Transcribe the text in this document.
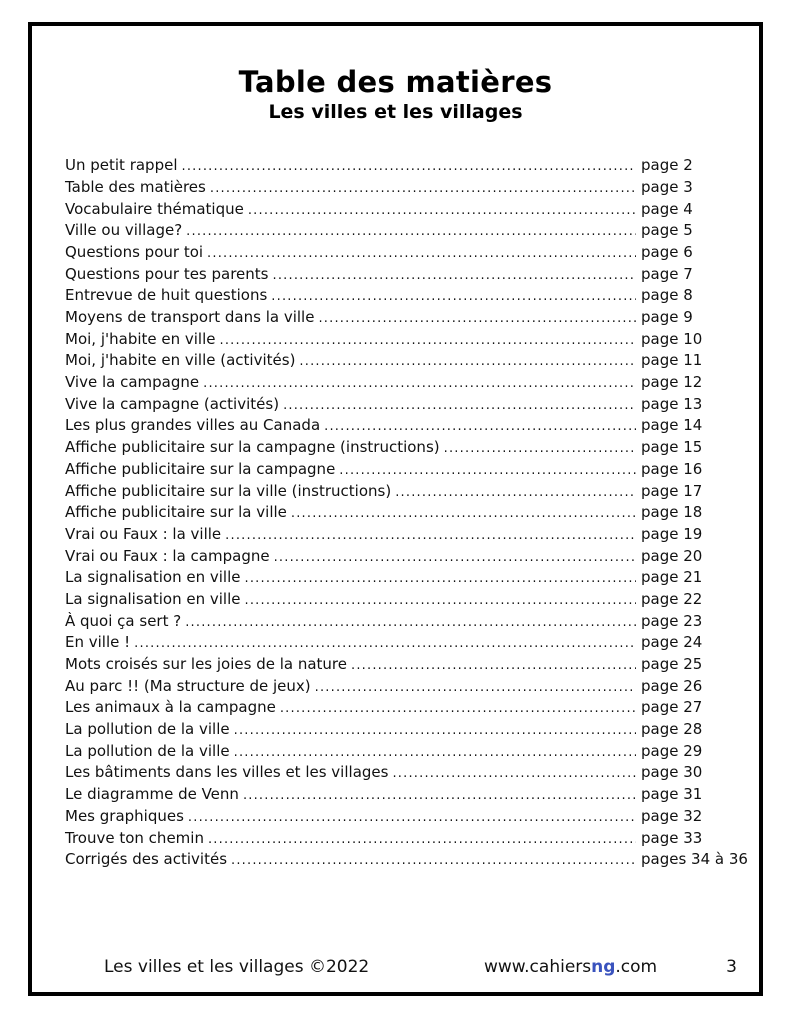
Table des matières
Les villes et les villages
Un petit rappel .....	page 2
Table des matières .....	page 3
Vocabulaire thématique .....	page 4
Ville ou village? .....	page 5
Questions pour toi .....	page 6
Questions pour tes parents .....	page 7
Entrevue de huit questions .....	page 8
Moyens de transport dans la ville .....	page 9
Moi, j'habite en ville .....	page 10
Moi, j'habite en ville (activités) .....	page 11
Vive la campagne .....	page 12
Vive la campagne (activités) .....	page 13
Les plus grandes villes au Canada .....	page 14
Affiche publicitaire sur la campagne (instructions) .....	page 15
Affiche publicitaire sur la campagne .....	page 16
Affiche publicitaire sur la ville (instructions) .....	page 17
Affiche publicitaire sur la ville .....	page 18
Vrai ou Faux : la ville .....	page 19
Vrai ou Faux : la campagne .....	page 20
La signalisation en ville .....	page 21
La signalisation en ville .....	page 22
À quoi ça sert ? .....	page 23
En ville ! .....	page 24
Mots croisés sur les joies de la nature .....	page 25
Au parc !! (Ma structure de jeux) .....	page 26
Les animaux à la campagne .....	page 27
La pollution de la ville .....	page 28
La pollution de la ville .....	page 29
Les bâtiments dans les villes et les villages .....	page 30
Le diagramme de Venn .....	page 31
Mes graphiques .....	page 32
Trouve ton chemin .....	page 33
Corrigés des activités .....	pages 34 à 36
Les villes et les villages ©2022	www.cahiersng.com	3
